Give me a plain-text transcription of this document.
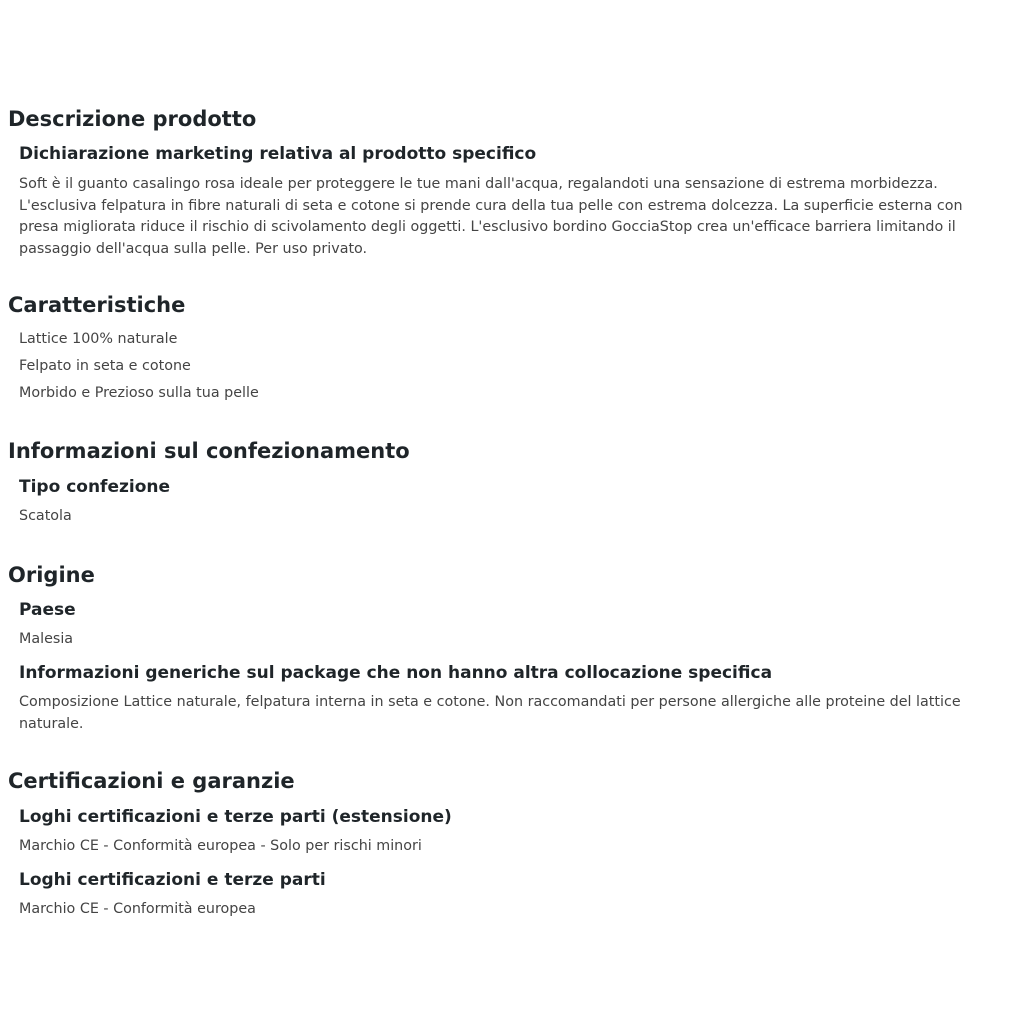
Descrizione prodotto
Dichiarazione marketing relativa al prodotto specifico
Soft è il guanto casalingo rosa ideale per proteggere le tue mani dall'acqua, regalandoti una sensazione di estrema morbidezza.
L'esclusiva felpatura in fibre naturali di seta e cotone si prende cura della tua pelle con estrema dolcezza. La superficie esterna con
presa migliorata riduce il rischio di scivolamento degli oggetti. L'esclusivo bordino GocciaStop crea un'efficace barriera limitando il
passaggio dell'acqua sulla pelle. Per uso privato.
Caratteristiche

Lattice 100% naturale

Felpato in seta e cotone

Morbido e Prezioso sulla tua pelle

Informazioni sul confezionamento
Tipo confezione

Scatola

Origine
Paese

Malesia

Informazioni generiche sul package che non hanno altra collocazione specifica
Composizione Lattice naturale, felpatura interna in seta e cotone. Non raccomandati per persone allergiche alle proteine del lattice
naturale.
Certificazioni e garanzie
Loghi certificazioni e terze parti (estensione)

Marchio CE - Conformità europea - Solo per rischi minori

Loghi certificazioni e terze parti

Marchio CE - Conformità europea
